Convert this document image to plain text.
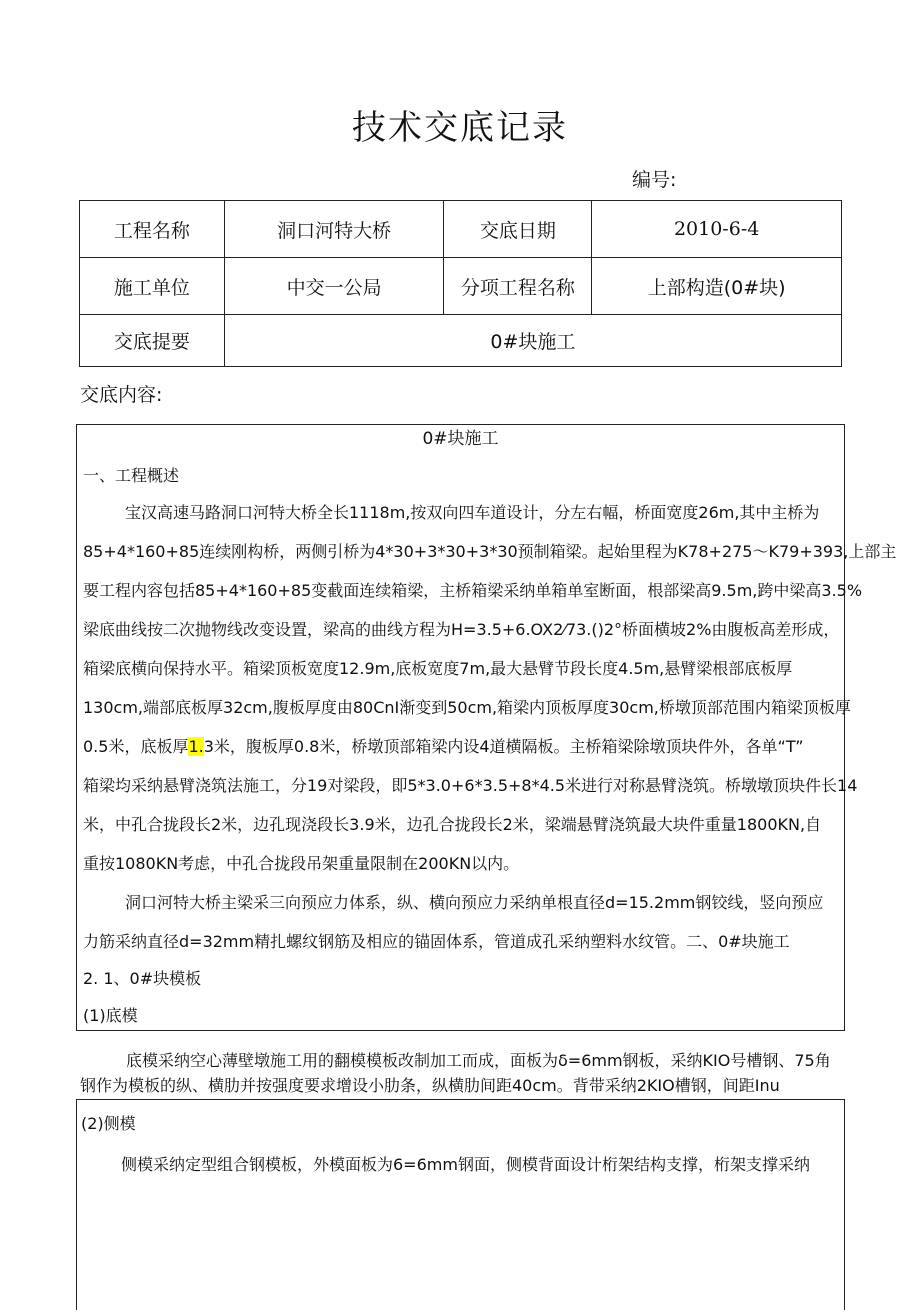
技术交底记录
编号:
工程名称	洞口河特大桥	交底日期	2010-6-4
施工单位	中交一公局	分项工程名称	上部构造(0#块)
交底提要	0#块施工		
交底内容:
0#块施工
一、工程概述
宝汉高速马路洞口河特大桥全长1118m,按双向四车道设计，分左右幅，桥面宽度26m,其中主桥为
85+4*160+85连续刚构桥，两侧引桥为4*30+3*30+3*30预制箱梁。起始里程为K78+275〜K79+393,上部主
要工程内容包括85+4*160+85变截面连续箱梁，主桥箱梁采纳单箱单室断面，根部梁高9.5m,跨中梁高3.5%
梁底曲线按二次抛物线改变设置，梁高的曲线方程为H=3.5+6.OX2⁄73.()2°桥面横坡2%由腹板高差形成，
箱梁底横向保持水平。箱梁顶板宽度12.9m,底板宽度7m,最大悬臂节段长度4.5m,悬臂梁根部底板厚
130cm,端部底板厚32cm,腹板厚度由80CnI渐变到50cm,箱梁内顶板厚度30cm,桥墩顶部范围内箱梁顶板厚
0.5米，底板厚1.3米，腹板厚0.8米，桥墩顶部箱梁内设4道横隔板。主桥箱梁除墩顶块件外，各单“T”
箱梁均采纳悬臂浇筑法施工，分19对梁段，即5*3.0+6*3.5+8*4.5米进行对称悬臂浇筑。桥墩墩顶块件长14
米，中孔合拢段长2米，边孔现浇段长3.9米，边孔合拢段长2米，梁端悬臂浇筑最大块件重量1800KN,自
重按1080KN考虑，中孔合拢段吊架重量限制在200KN以内。
洞口河特大桥主梁采三向预应力体系，纵、横向预应力采纳单根直径d=15.2mm钢铰线，竖向预应
力筋采纳直径d=32mm精扎螺纹钢筋及相应的锚固体系，管道成孔采纳塑料水纹管。二、0#块施工
2. 1、0#块模板
(1)底模
底模采纳空心薄壁墩施工用的翻模模板改制加工而成，面板为δ=6mm钢板，采纳KIO号槽钢、75角
钢作为模板的纵、横肋并按强度要求增设小肋条，纵横肋间距40cm。背带采纳2KIO槽钢，间距Inu
(2)侧模
侧模采纳定型组合钢模板，外模面板为6=6mm钢面，侧模背面设计桁架结构支撑，桁架支撑采纳
